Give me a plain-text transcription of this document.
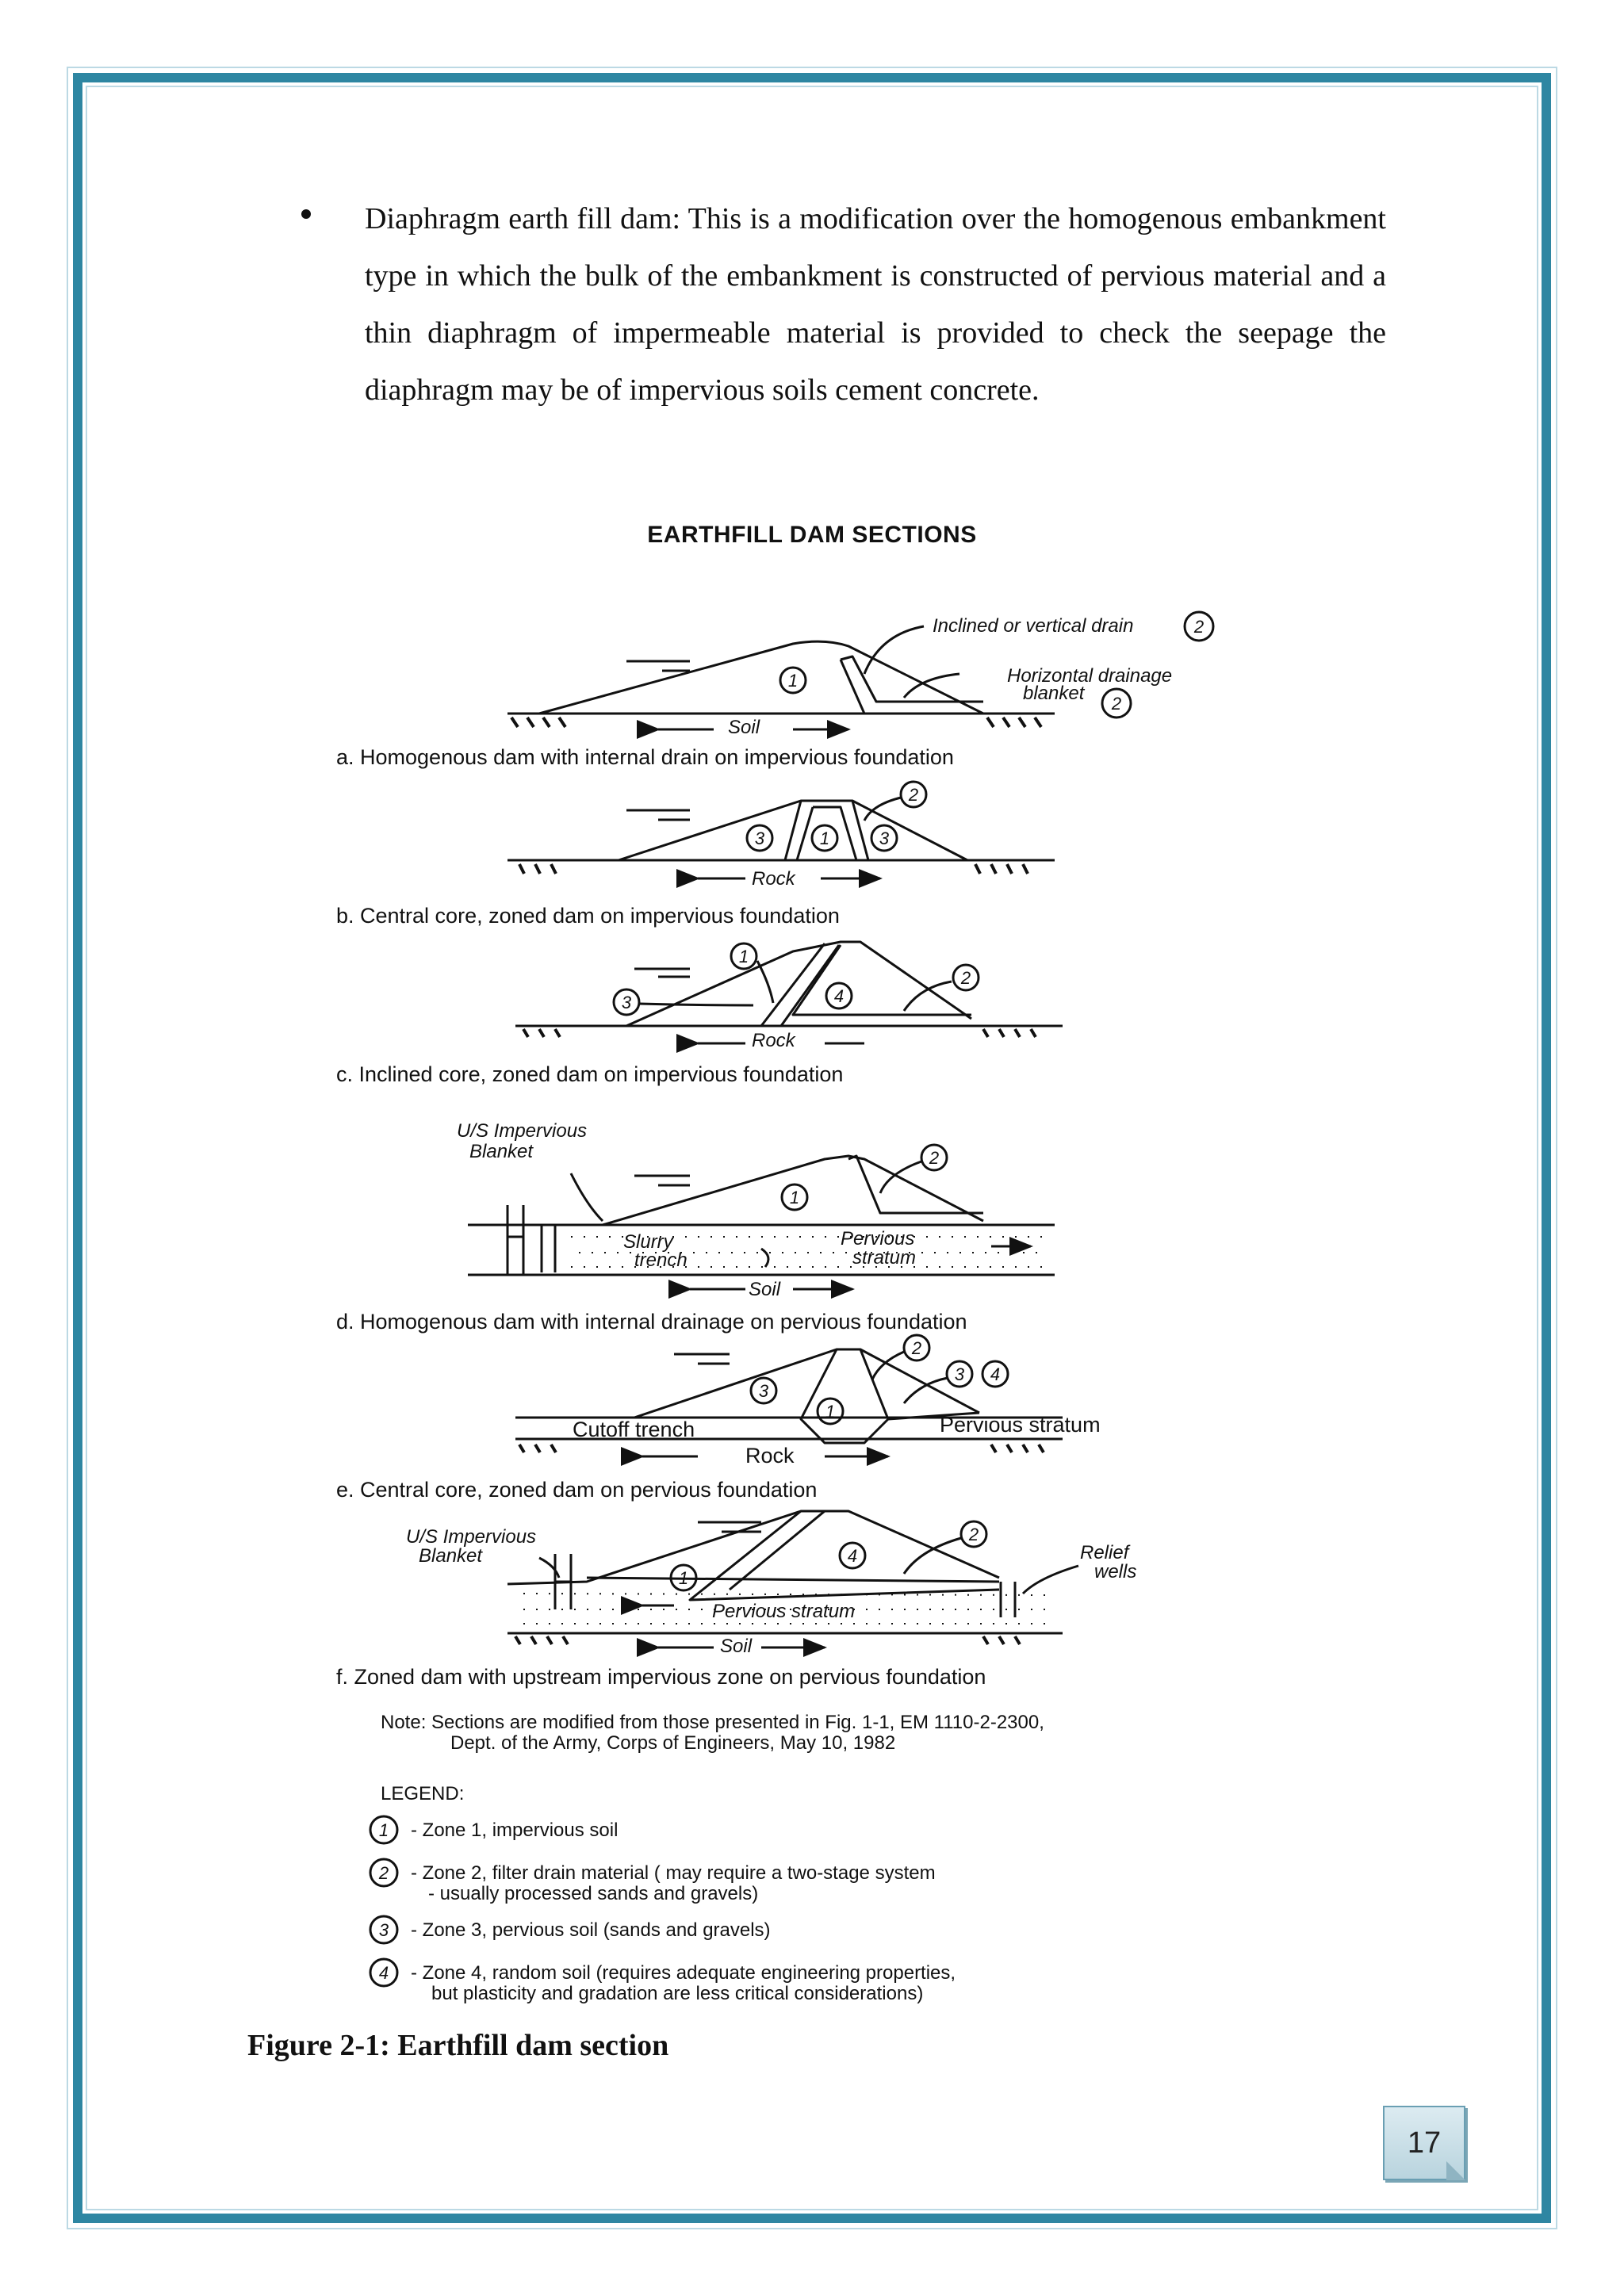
Diaphragm earth fill dam: This is a modification over the homogenous embankment type in which the bulk of the embankment is constructed of pervious material and a thin diaphragm of impermeable material is provided to check the seepage the diaphragm may be of impervious soils cement concrete.
EARTHFILL DAM SECTIONS
1
2
2
3	1	3
2
1
4
2
3
1
2
3
1
2
3 4
1
4
2
Inclined or vertical drain
Horizontal drainage
blanket
Soil
Rock
Rock
U/S Impervious
Blanket
Slurry
trench
Pervious
stratum
Soil
U/S Impervious
Blanket	Relief
wells
Pervious stratum
Soil
Cutoff trench	Pervious stratum
Rock
a. Homogenous dam with internal drain on impervious foundation
b. Central core, zoned dam on impervious foundation
c. Inclined core, zoned dam on impervious foundation
d. Homogenous dam with internal drainage on pervious foundation
e. Central core, zoned dam on pervious foundation
f. Zoned dam with upstream impervious zone on pervious foundation
Note: Sections are modified from those presented in Fig. 1-1, EM 1110-2-2300,
Dept. of the Army, Corps of Engineers, May 10, 1982
LEGEND:
1
2
3
4
- Zone 1, impervious soil
- Zone 2, filter drain material ( may require a two-stage system
- usually processed sands and gravels)
- Zone 3, pervious soil (sands and gravels)
- Zone 4, random soil (requires adequate engineering properties,
but plasticity and gradation are less critical considerations)
Figure 2-1: Earthfill dam section
17
